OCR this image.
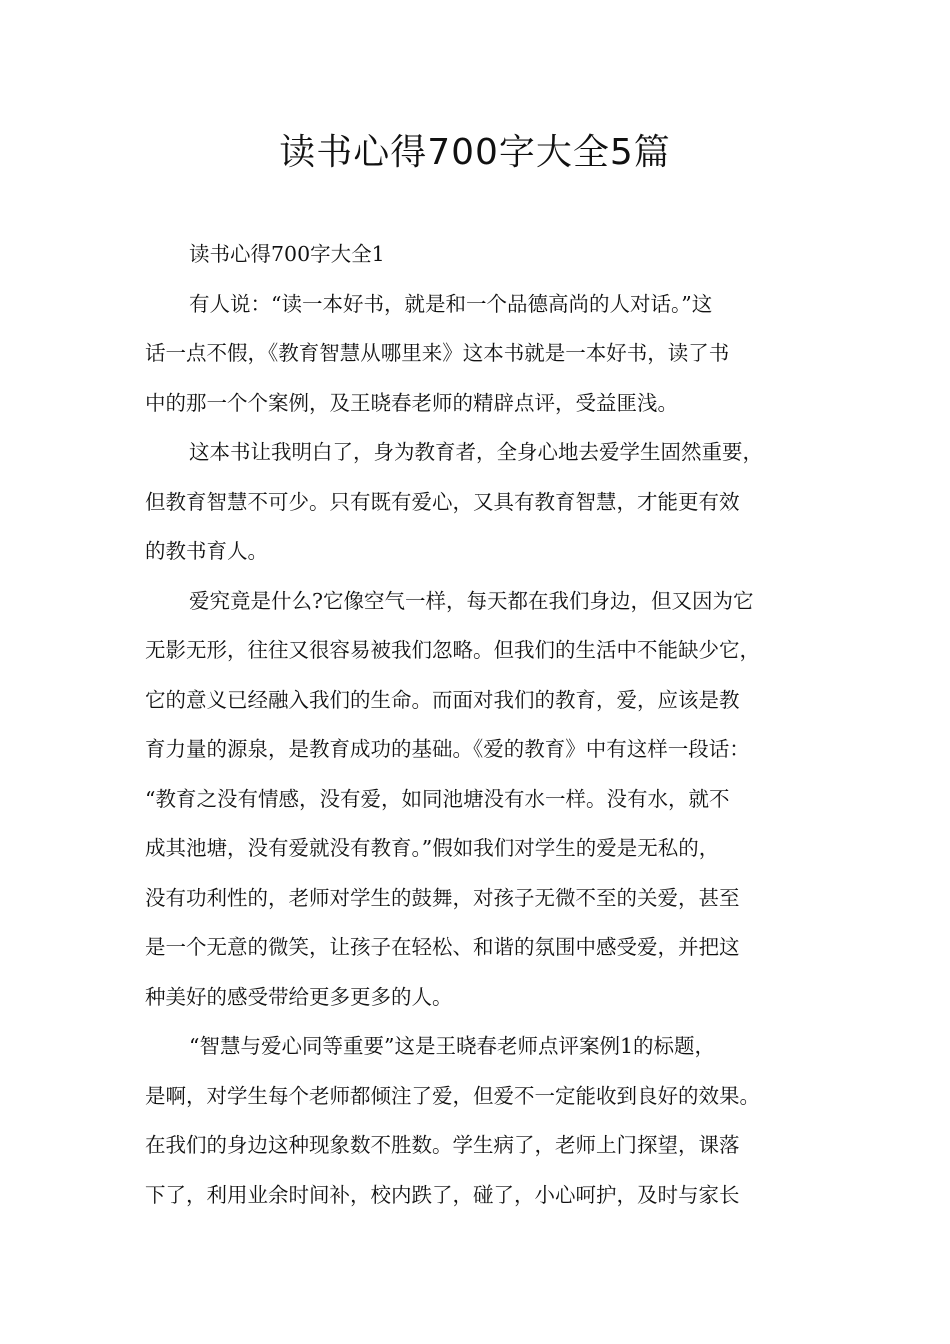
读书心得700字大全5篇
读书心得700字大全1
有人说：“读一本好书，就是和一个品德高尚的人对话。”这
话一点不假，《教育智慧从哪里来》这本书就是一本好书，读了书
中的那一个个案例，及王晓春老师的精辟点评，受益匪浅。
这本书让我明白了，身为教育者，全身心地去爱学生固然重要，
但教育智慧不可少。只有既有爱心，又具有教育智慧，才能更有效
的教书育人。
爱究竟是什么?它像空气一样，每天都在我们身边，但又因为它
无影无形，往往又很容易被我们忽略。但我们的生活中不能缺少它，
它的意义已经融入我们的生命。而面对我们的教育，爱，应该是教
育力量的源泉，是教育成功的基础。《爱的教育》中有这样一段话：
“教育之没有情感，没有爱，如同池塘没有水一样。没有水，就不
成其池塘，没有爱就没有教育。”假如我们对学生的爱是无私的，
没有功利性的，老师对学生的鼓舞，对孩子无微不至的关爱，甚至
是一个无意的微笑，让孩子在轻松、和谐的氛围中感受爱，并把这
种美好的感受带给更多更多的人。
“智慧与爱心同等重要”这是王晓春老师点评案例1的标题，
是啊，对学生每个老师都倾注了爱，但爱不一定能收到良好的效果。
在我们的身边这种现象数不胜数。学生病了，老师上门探望，课落
下了，利用业余时间补，校内跌了，碰了，小心呵护，及时与家长
